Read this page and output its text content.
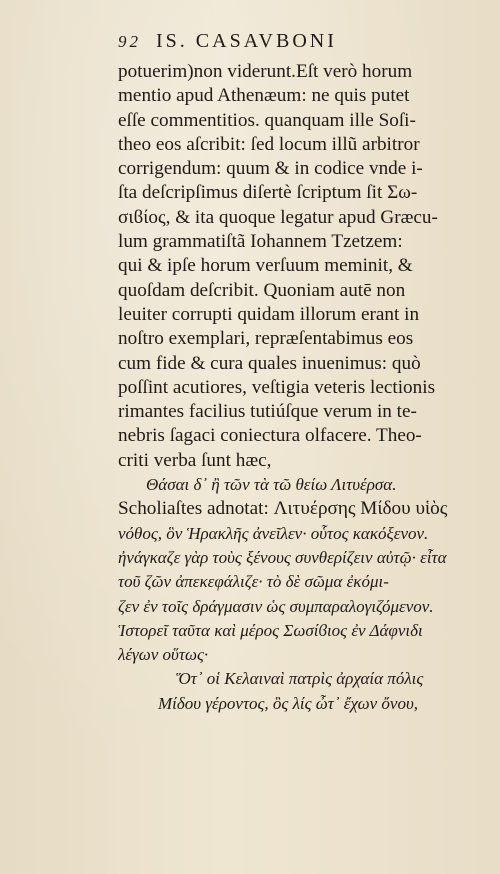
92 IS. CASAVBONI
potuerim)non viderunt.Eſt verò horum
mentio apud Athenæum: ne quis putet
eſſe commentitios. quanquam ille Soſi-
theo eos aſcribit: ſed locum illũ arbitror
corrigendum: quum & in codice vnde i-
ſta deſcripſimus diſertè ſcriptum ſit Σω-
σιϐίος, & ita quoque legatur apud Græcu-
lum grammatiſtã Iohannem Tzetzem:
qui & ipſe horum verſuum meminit, &
quoſdam deſcribit. Quoniam autē non
leuiter corrupti quidam illorum erant in
noſtro exemplari, repræſentabimus eos
cum fide & cura quales inuenimus: quò
poſſint acutiores, veſtigia veteris lectionis
rimantes facilius tutiúſque verum in te-
nebris ſagaci coniectura olfacere. Theo-
criti verba ſunt hæc,
Θάσαι δ᾽ ἢ τῶν τὰ τῶ θείω Λιτυέρσα.
Scholiaſtes adnotat: Λιτυέρσης Μίδου υἱὸς
νόθος, ὃν Ἡρακλῆς ἀνεῖλεν· οὗτος κακόξενον.
ἠνάγκαζε γὰρ τοὺς ξένους συνθερίζειν αὐτῷ· εἶτα
τοῦ ζῶν ἀπεκεφάλιζε· τὸ δὲ σῶμα ἐκόμι-
ζεν ἐν τοῖς δράγμασιν ὡς συμπαραλογιζόμενον.
Ἱστορεῖ ταῦτα καὶ μέρος Σωσίϐιος ἐν Δάφνιδι
λέγων οὕτως·
Ὅτ᾽ οἱ Κελαιναὶ πατρὶς ἀρχαία πόλις
Μίδου γέροντος, ὃς λίς ὦτ᾽ ἔχων ὄνου,
